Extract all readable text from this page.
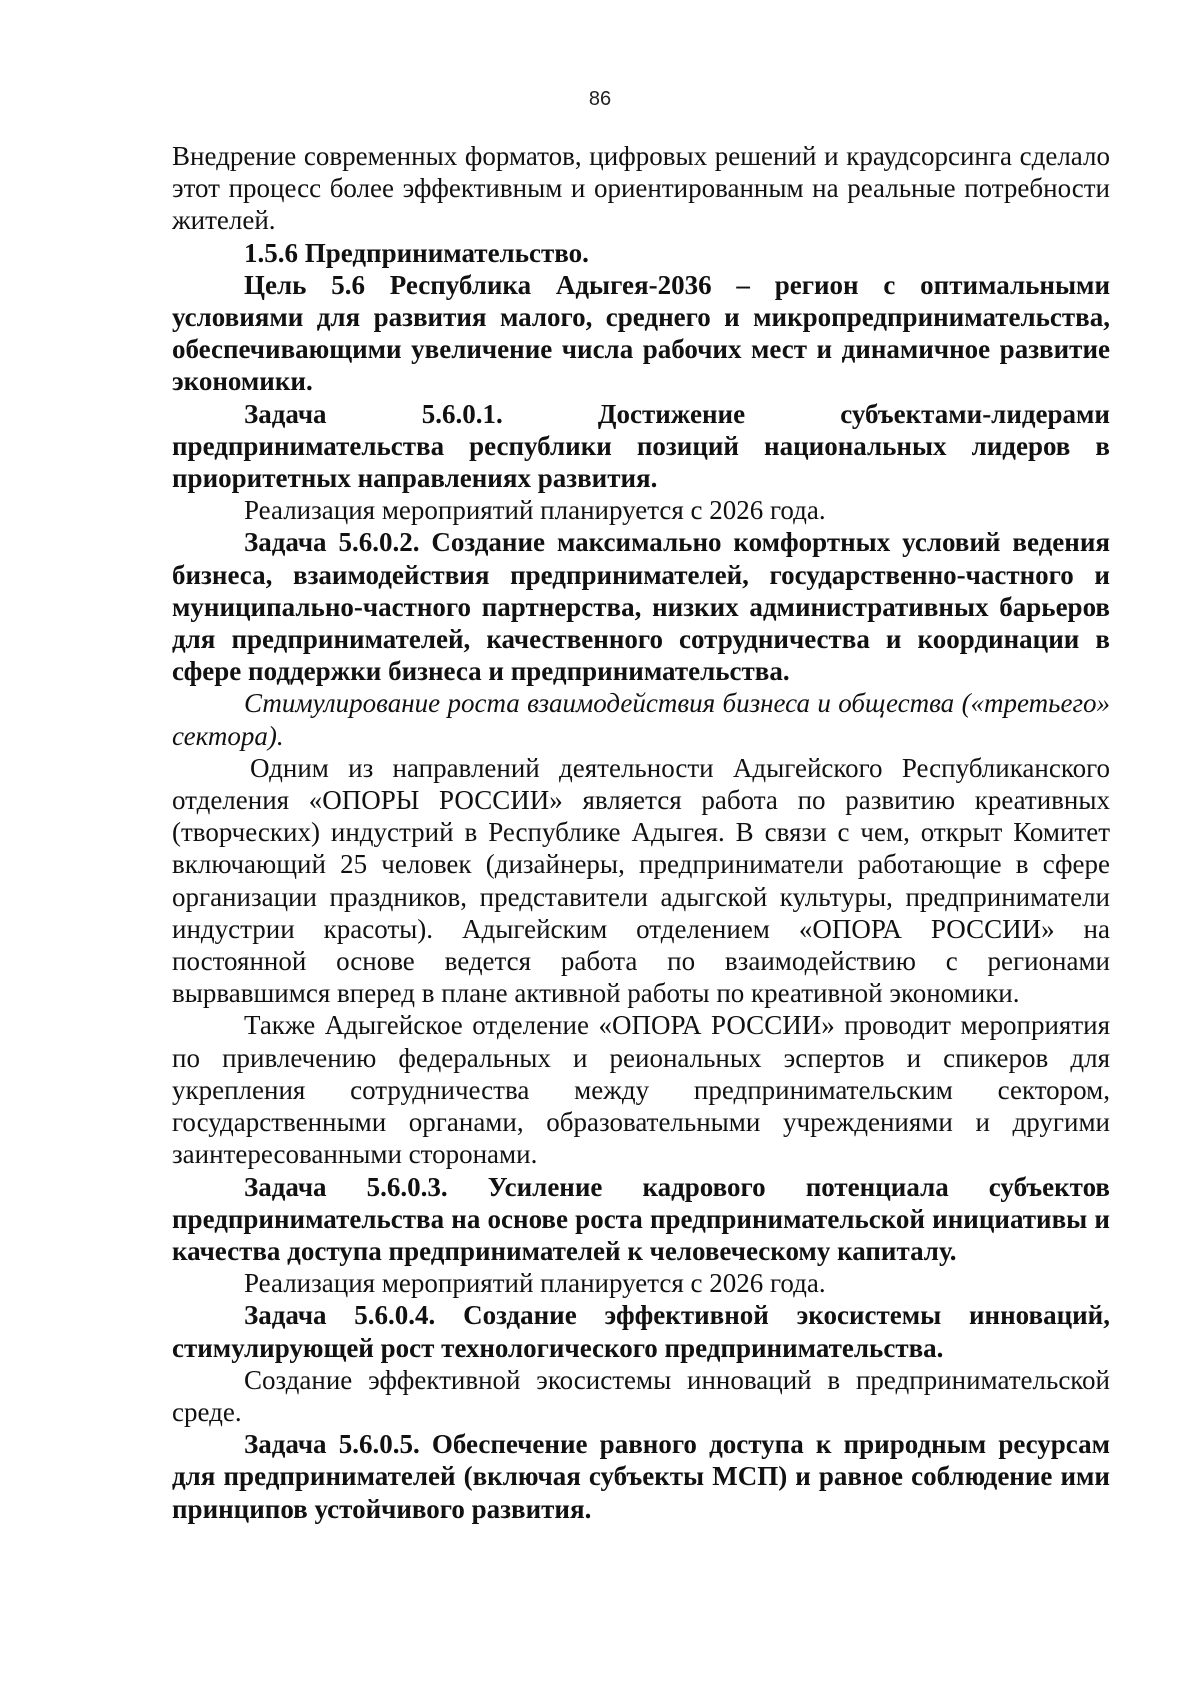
86

Внедрение современных форматов, цифровых решений и краудсорсинга сделало этот процесс более эффективным и ориентированным на реальные потребности жителей.

1.5.6 Предпринимательство.

Цель 5.6 Республика Адыгея-2036 – регион с оптимальными условиями для развития малого, среднего и микропредпринимательства, обеспечивающими увеличение числа рабочих мест и динамичное развитие экономики.

Задача 5.6.0.1. Достижение субъектами-лидерами предпринимательства республики позиций национальных лидеров в приоритетных направлениях развития.

Реализация мероприятий планируется с 2026 года.

Задача 5.6.0.2. Создание максимально комфортных условий ведения бизнеса, взаимодействия предпринимателей, государственно-частного и муниципально-частного партнерства, низких административных барьеров для предпринимателей, качественного сотрудничества и координации в сфере поддержки бизнеса и предпринимательства.

Стимулирование роста взаимодействия бизнеса и общества («третьего» сектора).

Одним из направлений деятельности Адыгейского Республиканского отделения «ОПОРЫ РОССИИ» является работа по развитию креативных (творческих) индустрий в Республике Адыгея. В связи с чем, открыт Комитет включающий 25 человек (дизайнеры, предприниматели работающие в сфере организации праздников, представители адыгской культуры, предприниматели индустрии красоты). Адыгейским отделением «ОПОРА РОССИИ» на постоянной основе ведется работа по взаимодействию с регионами вырвавшимся вперед в плане активной работы по креативной экономики.

Также Адыгейское отделение «ОПОРА РОССИИ» проводит мероприятия по привлечению федеральных и реиональных эспертов и спикеров для укрепления сотрудничества между предпринимательским сектором, государственными органами, образовательными учреждениями и другими заинтересованными сторонами.

Задача 5.6.0.3. Усиление кадрового потенциала субъектов предпринимательства на основе роста предпринимательской инициативы и качества доступа предпринимателей к человеческому капиталу.

Реализация мероприятий планируется с 2026 года.

Задача 5.6.0.4. Создание эффективной экосистемы инноваций, стимулирующей рост технологического предпринимательства.

Создание эффективной экосистемы инноваций в предпринимательской среде.

Задача 5.6.0.5. Обеспечение равного доступа к природным ресурсам для предпринимателей (включая субъекты МСП) и равное соблюдение ими принципов устойчивого развития.
